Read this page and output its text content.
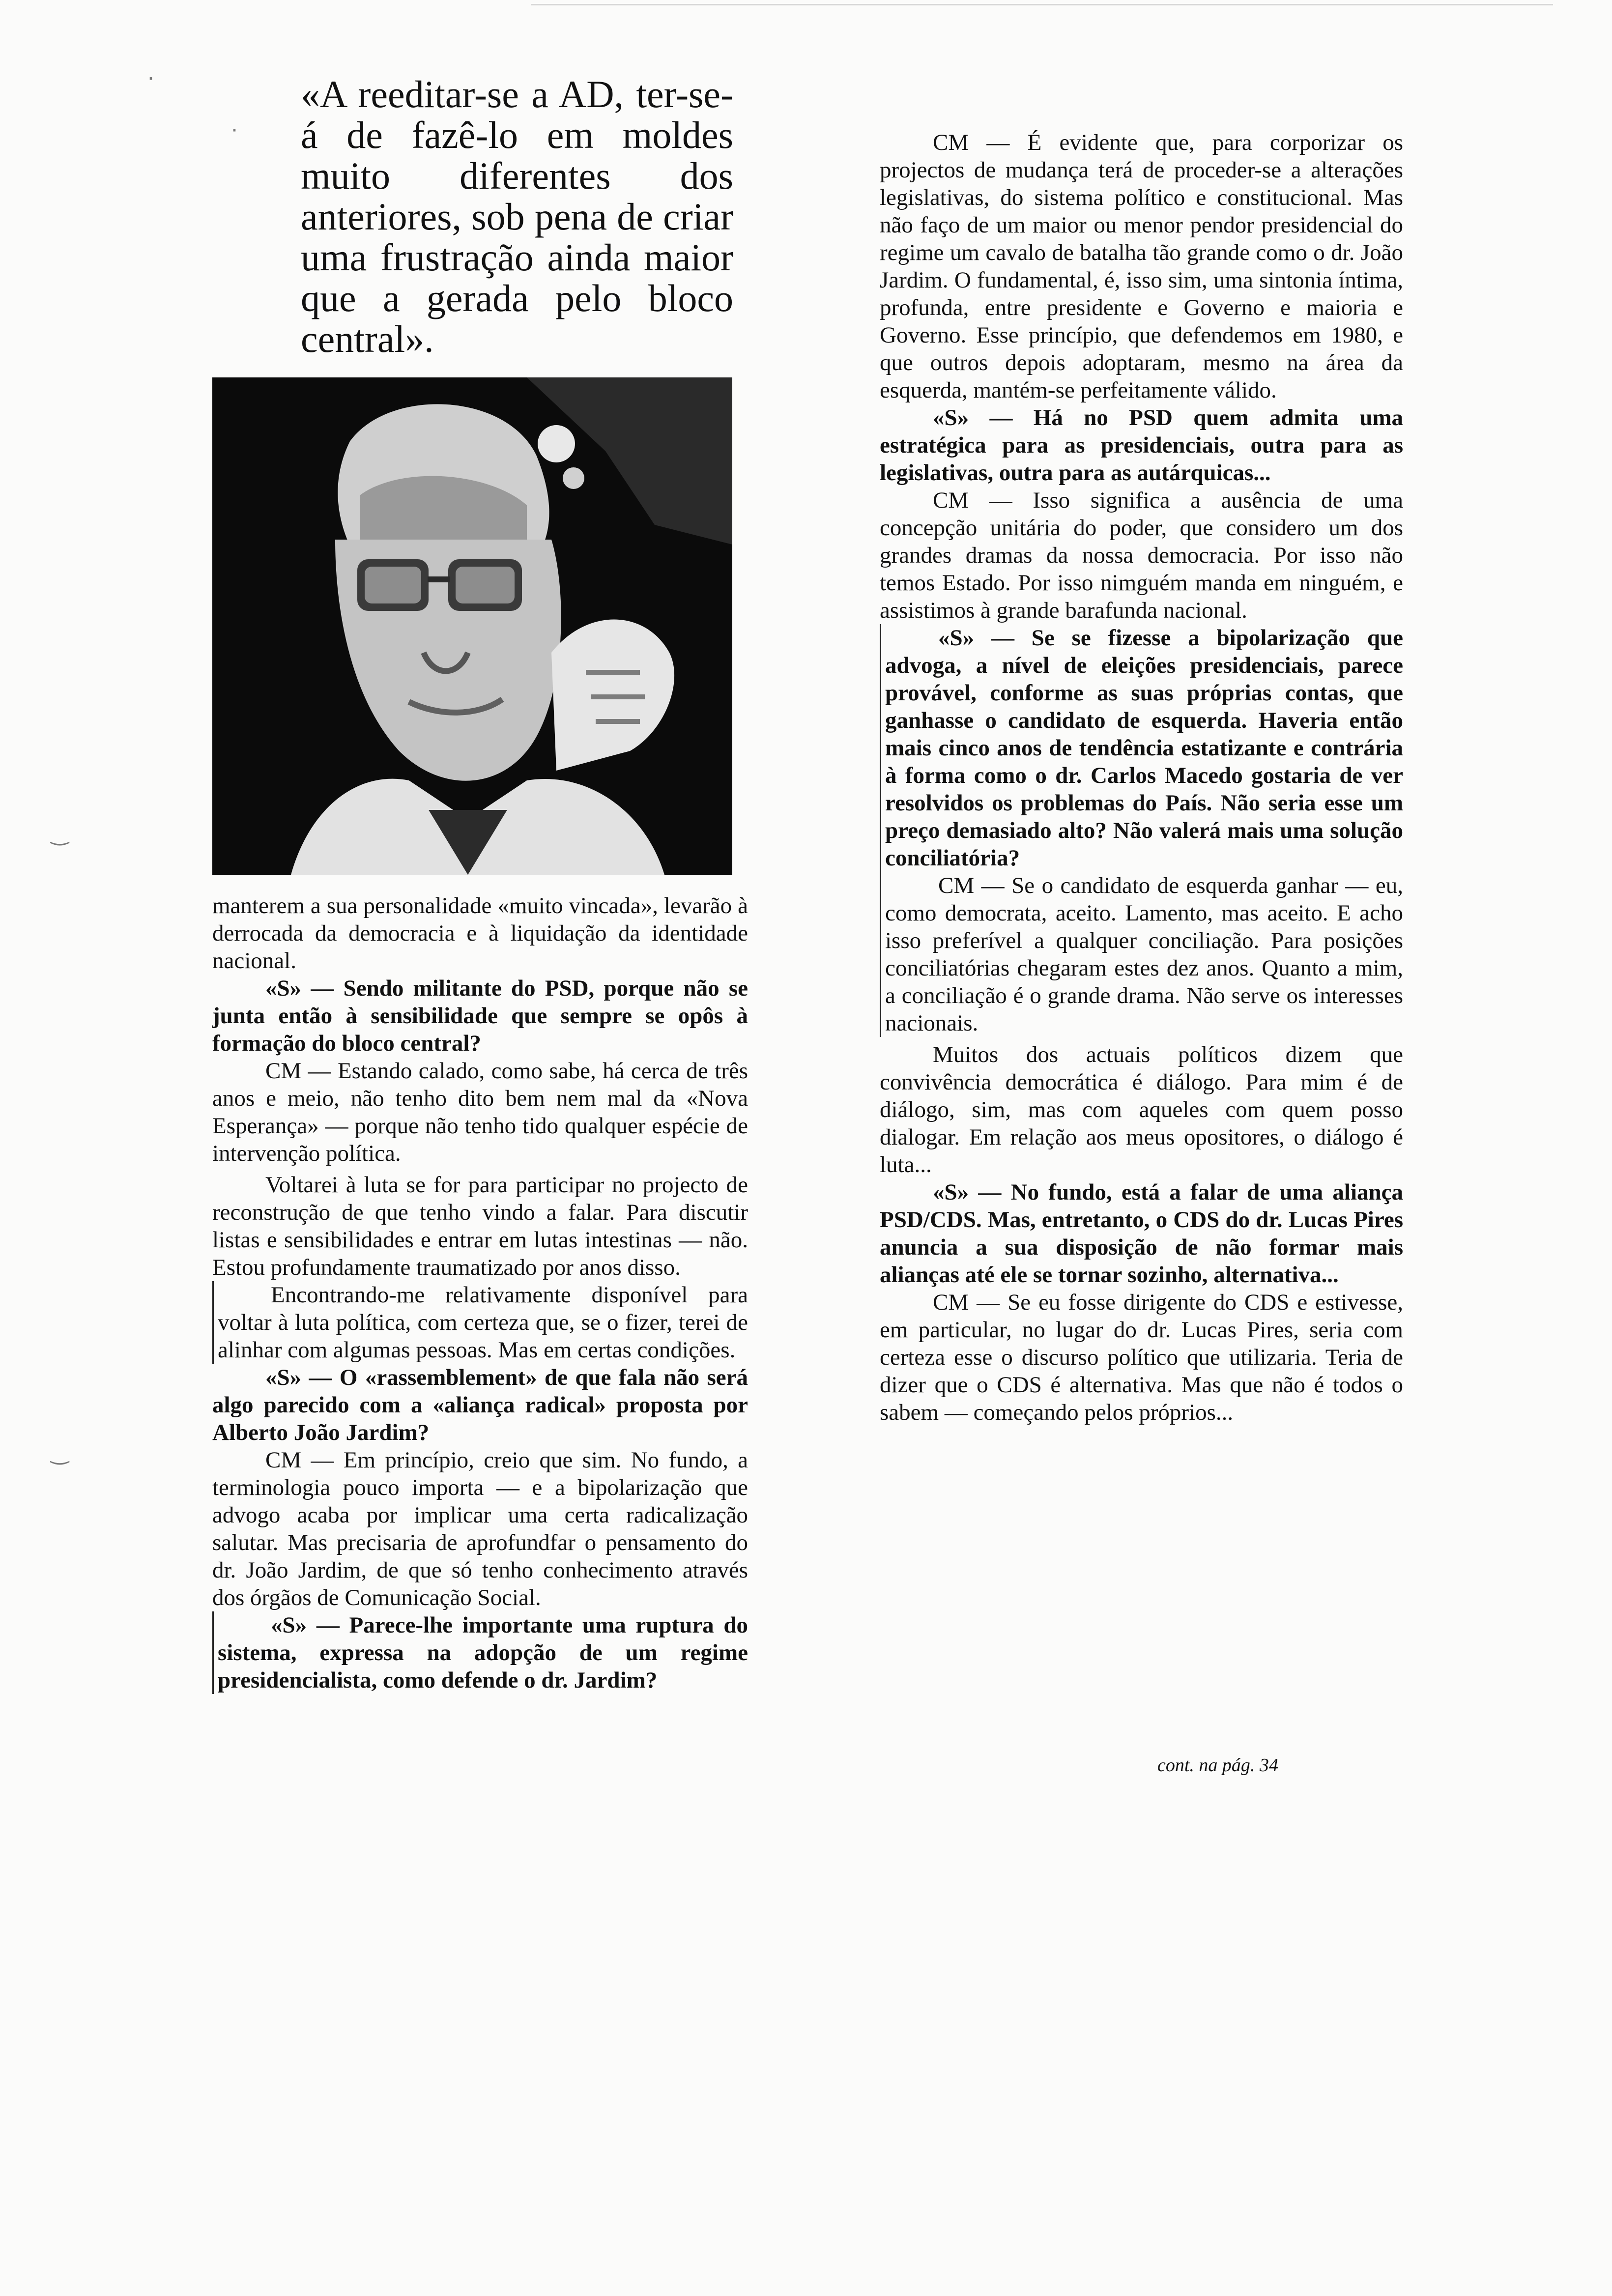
·
·
‿
‿
«A reeditar-se a AD, ter-se-á de fazê-lo em moldes muito diferentes dos anteriores, sob pena de criar uma frustração ainda maior que a gerada pelo bloco central».

manterem a sua personalidade «muito vincada», levarão à derrocada da democracia e à liquidação da identidade nacional.

«S» — Sendo militante do PSD, porque não se junta então à sensibilidade que sempre se opôs à formação do bloco central?

CM — Estando calado, como sabe, há cerca de três anos e meio, não tenho dito bem nem mal da «Nova Esperança» — porque não tenho tido qualquer espécie de intervenção política.

Voltarei à luta se for para participar no projecto de reconstrução de que tenho vindo a falar. Para discutir listas e sensibilidades e entrar em lutas intestinas — não. Estou profundamente traumatizado por anos disso.

Encontrando-me relativamente disponível para voltar à luta política, com certeza que, se o fizer, terei de alinhar com algumas pessoas. Mas em certas condições.

«S» — O «rassemblement» de que fala não será algo parecido com a «aliança radical» proposta por Alberto João Jardim?

CM — Em princípio, creio que sim. No fundo, a terminologia pouco importa — e a bipolarização que advogo acaba por implicar uma certa radicalização salutar. Mas precisaria de aprofundfar o pensamento do dr. João Jardim, de que só tenho conhecimento através dos órgãos de Comunicação Social.

«S» — Parece-lhe importante uma ruptura do sistema, expressa na adopção de um regime presidencialista, como defende o dr. Jardim?

CM — É evidente que, para corporizar os projectos de mudança terá de proceder-se a alterações legislativas, do sistema político e constitucional. Mas não faço de um maior ou menor pendor presidencial do regime um cavalo de batalha tão grande como o dr. João Jardim. O fundamental, é, isso sim, uma sintonia íntima, profunda, entre presidente e Governo e maioria e Governo. Esse princípio, que defendemos em 1980, e que outros depois adoptaram, mesmo na área da esquerda, mantém-se perfeitamente válido.

«S» — Há no PSD quem admita uma estratégica para as presidenciais, outra para as legislativas, outra para as autárquicas...

CM — Isso significa a ausência de uma concepção unitária do poder, que considero um dos grandes dramas da nossa democracia. Por isso não temos Estado. Por isso nimguém manda em ninguém, e assistimos à grande barafunda nacional.

«S» — Se se fizesse a bipolarização que advoga, a nível de eleições presidenciais, parece provável, conforme as suas próprias contas, que ganhasse o candidato de esquerda. Haveria então mais cinco anos de tendência estatizante e contrária à forma como o dr. Carlos Macedo gostaria de ver resolvidos os problemas do País. Não seria esse um preço demasiado alto? Não valerá mais uma solução conciliatória?

CM — Se o candidato de esquerda ganhar — eu, como democrata, aceito. Lamento, mas aceito. E acho isso preferível a qualquer conciliação. Para posições conciliatórias chegaram estes dez anos. Quanto a mim, a conciliação é o grande drama. Não serve os interesses nacionais.

Muitos dos actuais políticos dizem que convivência democrática é diálogo. Para mim é de diálogo, sim, mas com aqueles com quem posso dialogar. Em relação aos meus opositores, o diálogo é luta...

«S» — No fundo, está a falar de uma aliança PSD/CDS. Mas, entretanto, o CDS do dr. Lucas Pires anuncia a sua disposição de não formar mais alianças até ele se tornar sozinho, alternativa...

CM — Se eu fosse dirigente do CDS e estivesse, em particular, no lugar do dr. Lucas Pires, seria com certeza esse o discurso político que utilizaria. Teria de dizer que o CDS é alternativa. Mas que não é todos o sabem — começando pelos próprios...

cont. na pág. 34
